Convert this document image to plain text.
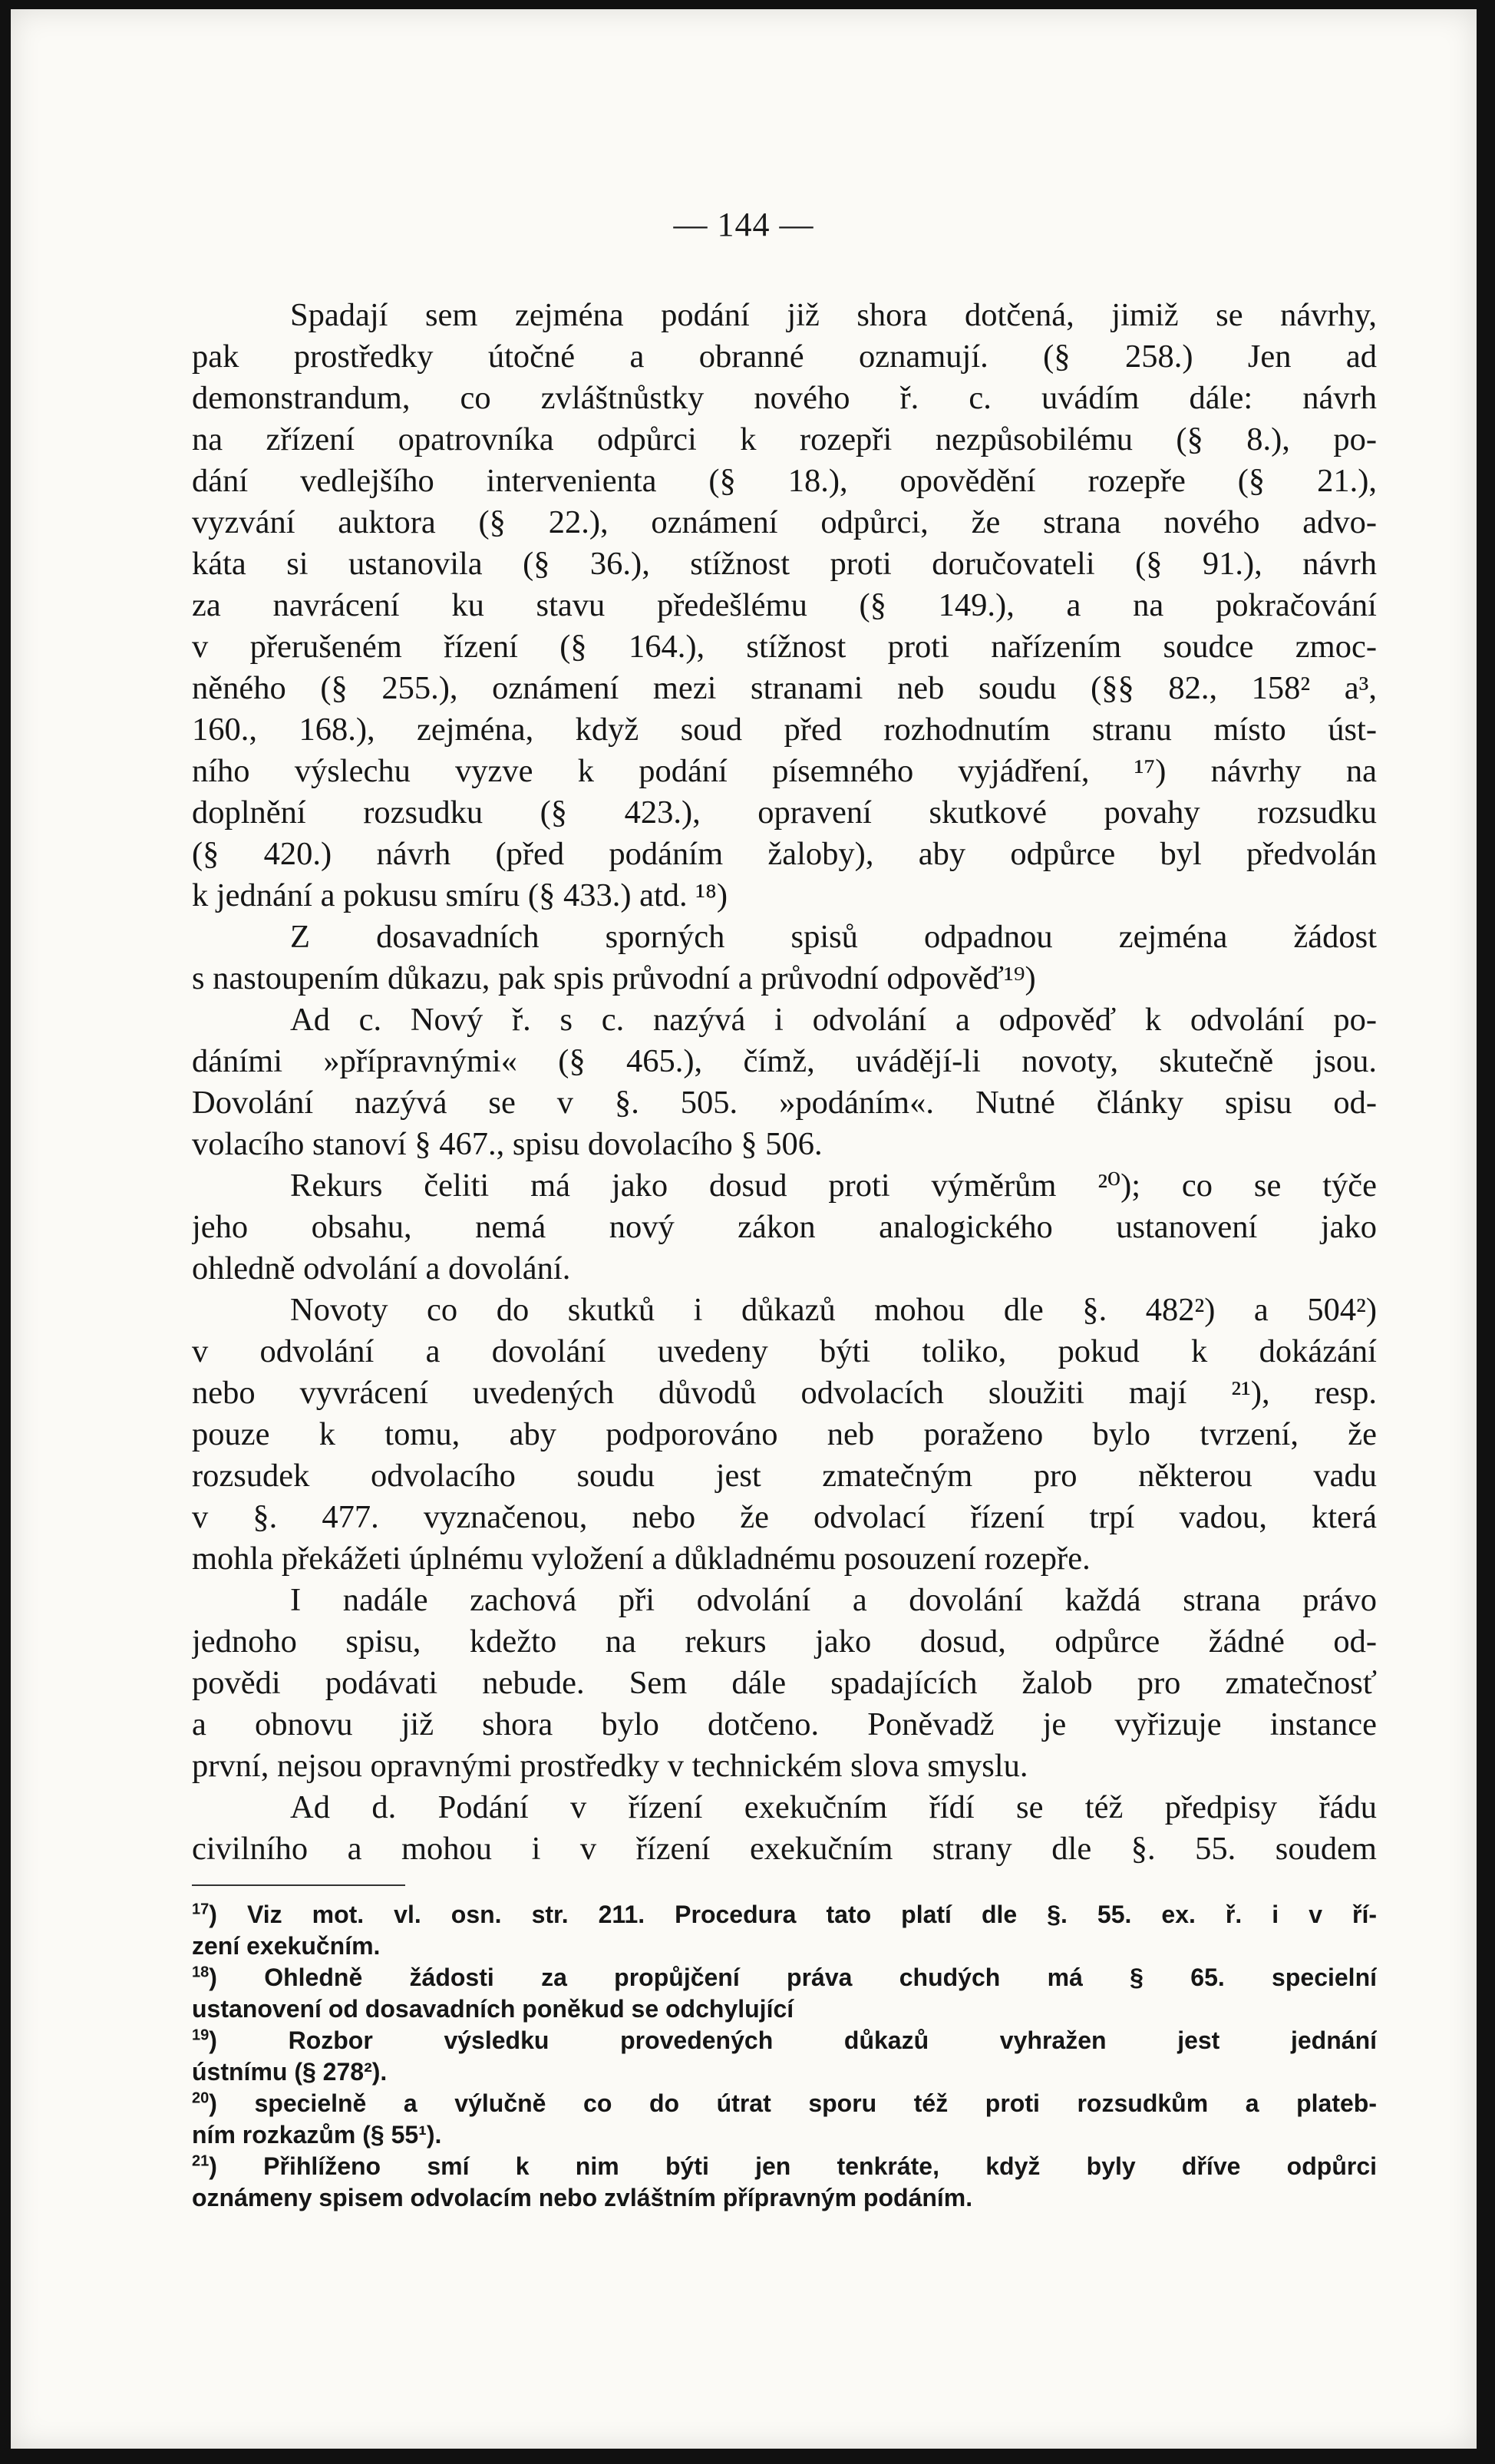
— 144 —
Spadají sem zejména podání již shora dotčená, jimiž se návrhy,
pak prostředky útočné a obranné oznamují. (§ 258.) Jen ad
demonstrandum, co zvláštnůstky nového ř. c. uvádím dále: návrh
na zřízení opatrovníka odpůrci k rozepři nezpůsobilému (§ 8.), po-
dání vedlejšího intervenienta (§ 18.), opovědění rozepře (§ 21.),
vyzvání auktora (§ 22.), oznámení odpůrci, že strana nového advo-
káta si ustanovila (§ 36.), stížnost proti doručovateli (§ 91.), návrh
za navrácení ku stavu předešlému (§ 149.), a na pokračování
v přerušeném řízení (§ 164.), stížnost proti nařízením soudce zmoc-
něného (§ 255.), oznámení mezi stranami neb soudu (§§ 82., 158² a³,
160., 168.), zejména, když soud před rozhodnutím stranu místo úst-
ního výslechu vyzve k podání písemného vyjádření, ¹⁷) návrhy na
doplnění rozsudku (§ 423.), opravení skutkové povahy rozsudku
(§ 420.) návrh (před podáním žaloby), aby odpůrce byl předvolán
k jednání a pokusu smíru (§ 433.) atd. ¹⁸)
Z dosavadních sporných spisů odpadnou zejména žádost
s nastoupením důkazu, pak spis průvodní a průvodní odpověď¹⁹)
Ad c. Nový ř. s c. nazývá i odvolání a odpověď k odvolání po-
dáními »přípravnými« (§ 465.), čímž, uvádějí-li novoty, skutečně jsou.
Dovolání nazývá se v §. 505. »podáním«. Nutné články spisu od-
volacího stanoví § 467., spisu dovolacího § 506.
Rekurs čeliti má jako dosud proti výměrům ²⁰); co se týče
jeho obsahu, nemá nový zákon analogického ustanovení jako
ohledně odvolání a dovolání.
Novoty co do skutků i důkazů mohou dle §. 482²) a 504²)
v odvolání a dovolání uvedeny býti toliko, pokud k dokázání
nebo vyvrácení uvedených důvodů odvolacích sloužiti mají ²¹), resp.
pouze k tomu, aby podporováno neb poraženo bylo tvrzení, že
rozsudek odvolacího soudu jest zmatečným pro některou vadu
v §. 477. vyznačenou, nebo že odvolací řízení trpí vadou, která
mohla překážeti úplnému vyložení a důkladnému posouzení rozepře.
I nadále zachová při odvolání a dovolání každá strana právo
jednoho spisu, kdežto na rekurs jako dosud, odpůrce žádné od-
povědi podávati nebude. Sem dále spadajících žalob pro zmatečnosť
a obnovu již shora bylo dotčeno. Poněvadž je vyřizuje instance
první, nejsou opravnými prostředky v technickém slova smyslu.
Ad d. Podání v řízení exekučním řídí se též předpisy řádu
civilního a mohou i v řízení exekučním strany dle §. 55. soudem
$^{17}$) Viz mot. vl. osn. str. 211. Procedura tato platí dle §. 55. ex. ř. i v ří-
zení exekučním.
$^{18}$) Ohledně žádosti za propůjčení práva chudých má § 65. specielní
ustanovení od dosavadních poněkud se odchylující
$^{19}$) Rozbor výsledku provedených důkazů vyhražen jest jednání
ústnímu (§ 278²).
$^{20}$) specielně a výlučně co do útrat sporu též proti rozsudkům a plateb-
ním rozkazům (§ 55¹).
$^{21}$) Přihlíženo smí k nim býti jen tenkráte, když byly dříve odpůrci
oznámeny spisem odvolacím nebo zvláštním přípravným podáním.
